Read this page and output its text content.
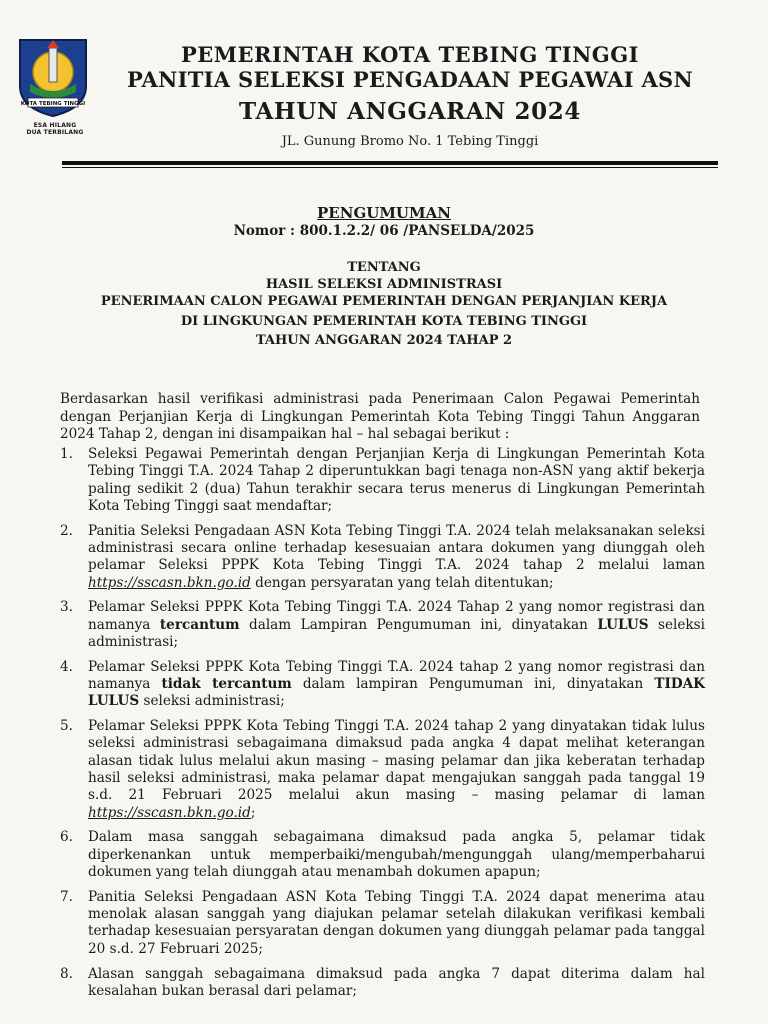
KOTA TEBING TINGGI
ESA HILANG
DUA TERBILANG
PEMERINTAH KOTA TEBING TINGGI
PANITIA SELEKSI PENGADAAN PEGAWAI ASN
TAHUN ANGGARAN 2024
JL. Gunung Bromo No. 1 Tebing Tinggi
PENGUMUMAN
Nomor : 800.1.2.2/ 06 /PANSELDA/2025
TENTANG
HASIL SELEKSI ADMINISTRASI
PENERIMAAN CALON PEGAWAI PEMERINTAH DENGAN PERJANJIAN KERJA
DI LINGKUNGAN PEMERINTAH KOTA TEBING TINGGI
TAHUN ANGGARAN 2024 TAHAP 2

Berdasarkan hasil verifikasi administrasi pada Penerimaan Calon Pegawai Pemerintah dengan Perjanjian Kerja di Lingkungan Pemerintah Kota Tebing Tinggi Tahun Anggaran 2024 Tahap 2, dengan ini disampaikan hal – hal sebagai berikut :

1.	Seleksi Pegawai Pemerintah dengan Perjanjian Kerja di Lingkungan Pemerintah Kota Tebing Tinggi T.A. 2024 Tahap 2 diperuntukkan bagi tenaga non-ASN yang aktif bekerja paling sedikit 2 (dua) Tahun terakhir secara terus menerus di Lingkungan Pemerintah Kota Tebing Tinggi saat mendaftar;
2.	Panitia Seleksi Pengadaan ASN Kota Tebing Tinggi T.A. 2024 telah melaksanakan seleksi administrasi secara online terhadap kesesuaian antara dokumen yang diunggah oleh pelamar Seleksi PPPK Kota Tebing Tinggi T.A. 2024 tahap 2 melalui laman https://sscasn.bkn.go.id dengan persyaratan yang telah ditentukan;
3.	Pelamar Seleksi PPPK Kota Tebing Tinggi T.A. 2024 Tahap 2 yang nomor registrasi dan namanya tercantum dalam Lampiran Pengumuman ini, dinyatakan LULUS seleksi administrasi;
4.	Pelamar Seleksi PPPK Kota Tebing Tinggi T.A. 2024 tahap 2 yang nomor registrasi dan namanya tidak tercantum dalam lampiran Pengumuman ini, dinyatakan TIDAK LULUS seleksi administrasi;
5.	Pelamar Seleksi PPPK Kota Tebing Tinggi T.A. 2024 tahap 2 yang dinyatakan tidak lulus seleksi administrasi sebagaimana dimaksud pada angka 4 dapat melihat keterangan alasan tidak lulus melalui akun masing – masing pelamar dan jika keberatan terhadap hasil seleksi administrasi, maka pelamar dapat mengajukan sanggah pada tanggal 19 s.d. 21 Februari 2025 melalui akun masing – masing pelamar di laman https://sscasn.bkn.go.id;
6.	Dalam masa sanggah sebagaimana dimaksud pada angka 5, pelamar tidak diperkenankan untuk memperbaiki/mengubah/mengunggah ulang/memperbaharui dokumen yang telah diunggah atau menambah dokumen apapun;
7.	Panitia Seleksi Pengadaan ASN Kota Tebing Tinggi T.A. 2024 dapat menerima atau menolak alasan sanggah yang diajukan pelamar setelah dilakukan verifikasi kembali terhadap kesesuaian persyaratan dengan dokumen yang diunggah pelamar pada tanggal 20 s.d. 27 Februari 2025;
8.	Alasan sanggah sebagaimana dimaksud pada angka 7 dapat diterima dalam hal kesalahan bukan berasal dari pelamar;
